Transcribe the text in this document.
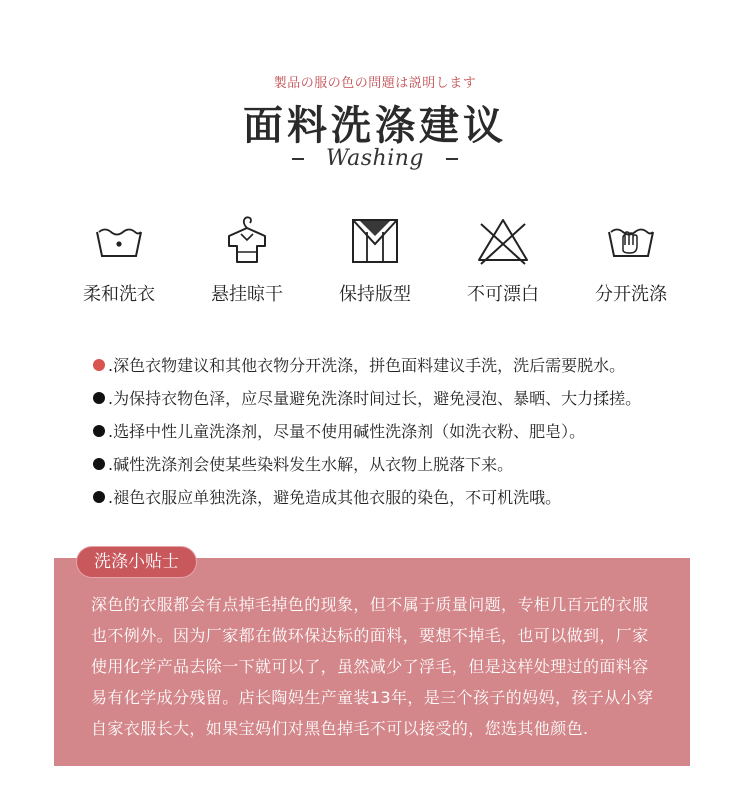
製品の服の色の問題は説明します
面料洗涤建议
Washing
柔和洗衣	悬挂晾干	保持版型	不可漂白	分开洗涤
.深色衣物建议和其他衣物分开洗涤，拼色面料建议手洗，洗后需要脱水。
.为保持衣物色泽，应尽量避免洗涤时间过长，避免浸泡、暴晒、大力揉搓。
.选择中性儿童洗涤剂，尽量不使用碱性洗涤剂（如洗衣粉、肥皂）。
.碱性洗涤剂会使某些染料发生水解，从衣物上脱落下来。
.褪色衣服应单独洗涤，避免造成其他衣服的染色，不可机洗哦。
洗涤小贴士
深色的衣服都会有点掉毛掉色的现象，但不属于质量问题，专柜几百元的衣服
也不例外。因为厂家都在做环保达标的面料，要想不掉毛，也可以做到，厂家
使用化学产品去除一下就可以了，虽然减少了浮毛，但是这样处理过的面料容
易有化学成分残留。店长陶妈生产童装13年，是三个孩子的妈妈，孩子从小穿
自家衣服长大，如果宝妈们对黑色掉毛不可以接受的，您选其他颜色.
